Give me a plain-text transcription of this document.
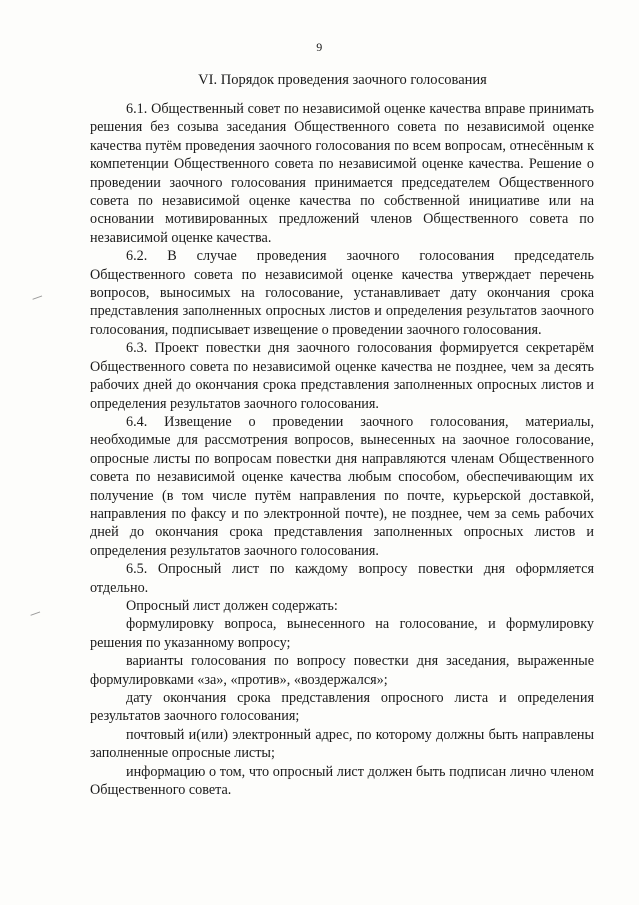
9
VI. Порядок проведения заочного голосования

6.1. Общественный совет по независимой оценке качества вправе принимать решения без созыва заседания Общественного совета по независимой оценке качества путём проведения заочного голосования по всем вопросам, отнесённым к компетенции Общественного совета по независимой оценке качества. Решение о проведении заочного голосования принимается председателем Общественного совета по независимой оценке качества по собственной инициативе или на основании мотивированных предложений членов Общественного совета по независимой оценке качества.

6.2. В случае проведения заочного голосования председатель Общественного совета по независимой оценке качества утверждает перечень вопросов, выносимых на голосование, устанавливает дату окончания срока представления заполненных опросных листов и определения результатов заочного голосования, подписывает извещение о проведении заочного голосования.

6.3. Проект повестки дня заочного голосования формируется секретарём Общественного совета по независимой оценке качества не позднее, чем за десять рабочих дней до окончания срока представления заполненных опросных листов и определения результатов заочного голосования.

6.4. Извещение о проведении заочного голосования, материалы, необходимые для рассмотрения вопросов, вынесенных на заочное голосование, опросные листы по вопросам повестки дня направляются членам Общественного совета по независимой оценке качества любым способом, обеспечивающим их получение (в том числе путём направления по почте, курьерской доставкой, направления по факсу и по электронной почте), не позднее, чем за семь рабочих дней до окончания срока представления заполненных опросных листов и определения результатов заочного голосования.

6.5. Опросный лист по каждому вопросу повестки дня оформляется отдельно.

Опросный лист должен содержать:

формулировку вопроса, вынесенного на голосование, и формулировку решения по указанному вопросу;

варианты голосования по вопросу повестки дня заседания, выраженные формулировками «за», «против», «воздержался»;

дату окончания срока представления опросного листа и определения результатов заочного голосования;

почтовый и(или) электронный адрес, по которому должны быть направлены заполненные опросные листы;

информацию о том, что опросный лист должен быть подписан лично членом Общественного совета.
